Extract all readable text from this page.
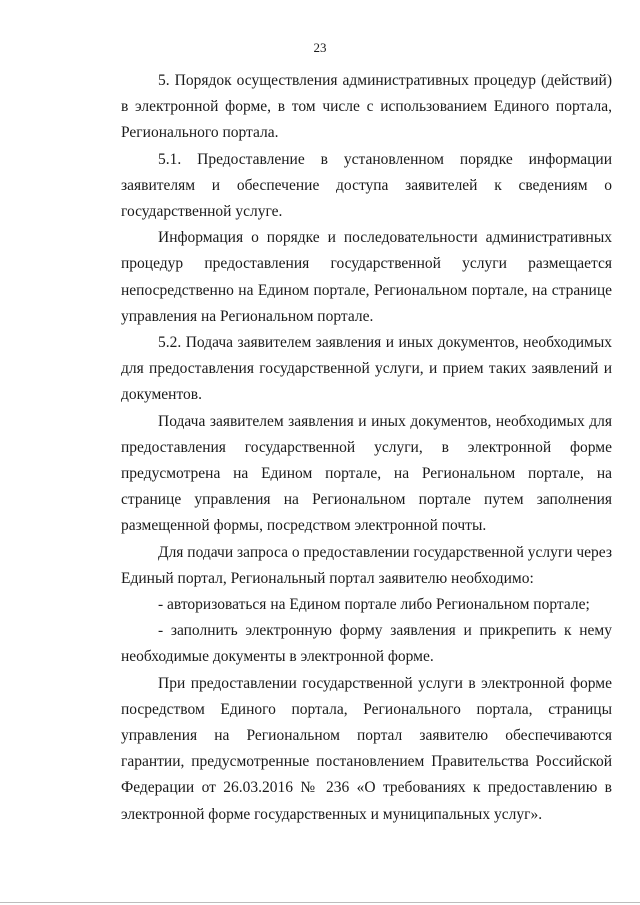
23

5. Порядок осуществления административных процедур (действий) в электронной форме, в том числе с использованием Единого портала, Регионального портала.

5.1. Предоставление в установленном порядке информации заявителям и обеспечение доступа заявителей к сведениям о государственной услуге.

Информация о порядке и последовательности административных процедур предоставления государственной услуги размещается непосредственно на Едином портале, Региональном портале, на странице управления на Региональном портале.

5.2. Подача заявителем заявления и иных документов, необходимых для предоставления государственной услуги, и прием таких заявлений и документов.

Подача заявителем заявления и иных документов, необходимых для предоставления государственной услуги, в электронной форме предусмотрена на Едином портале, на Региональном портале, на странице управления на Региональном портале путем заполнения размещенной формы, посредством электронной почты.

Для подачи запроса о предоставлении государственной услуги через Единый портал, Региональный портал заявителю необходимо:

- авторизоваться на Едином портале либо Региональном портале;

- заполнить электронную форму заявления и прикрепить к нему необходимые документы в электронной форме.

При предоставлении государственной услуги в электронной форме посредством Единого портала, Регионального портала, страницы управления на Региональном портал заявителю обеспечиваются гарантии, предусмотренные постановлением Правительства Российской Федерации от 26.03.2016 № 236 «О требованиях к предоставлению в электронной форме государственных и муниципальных услуг».
